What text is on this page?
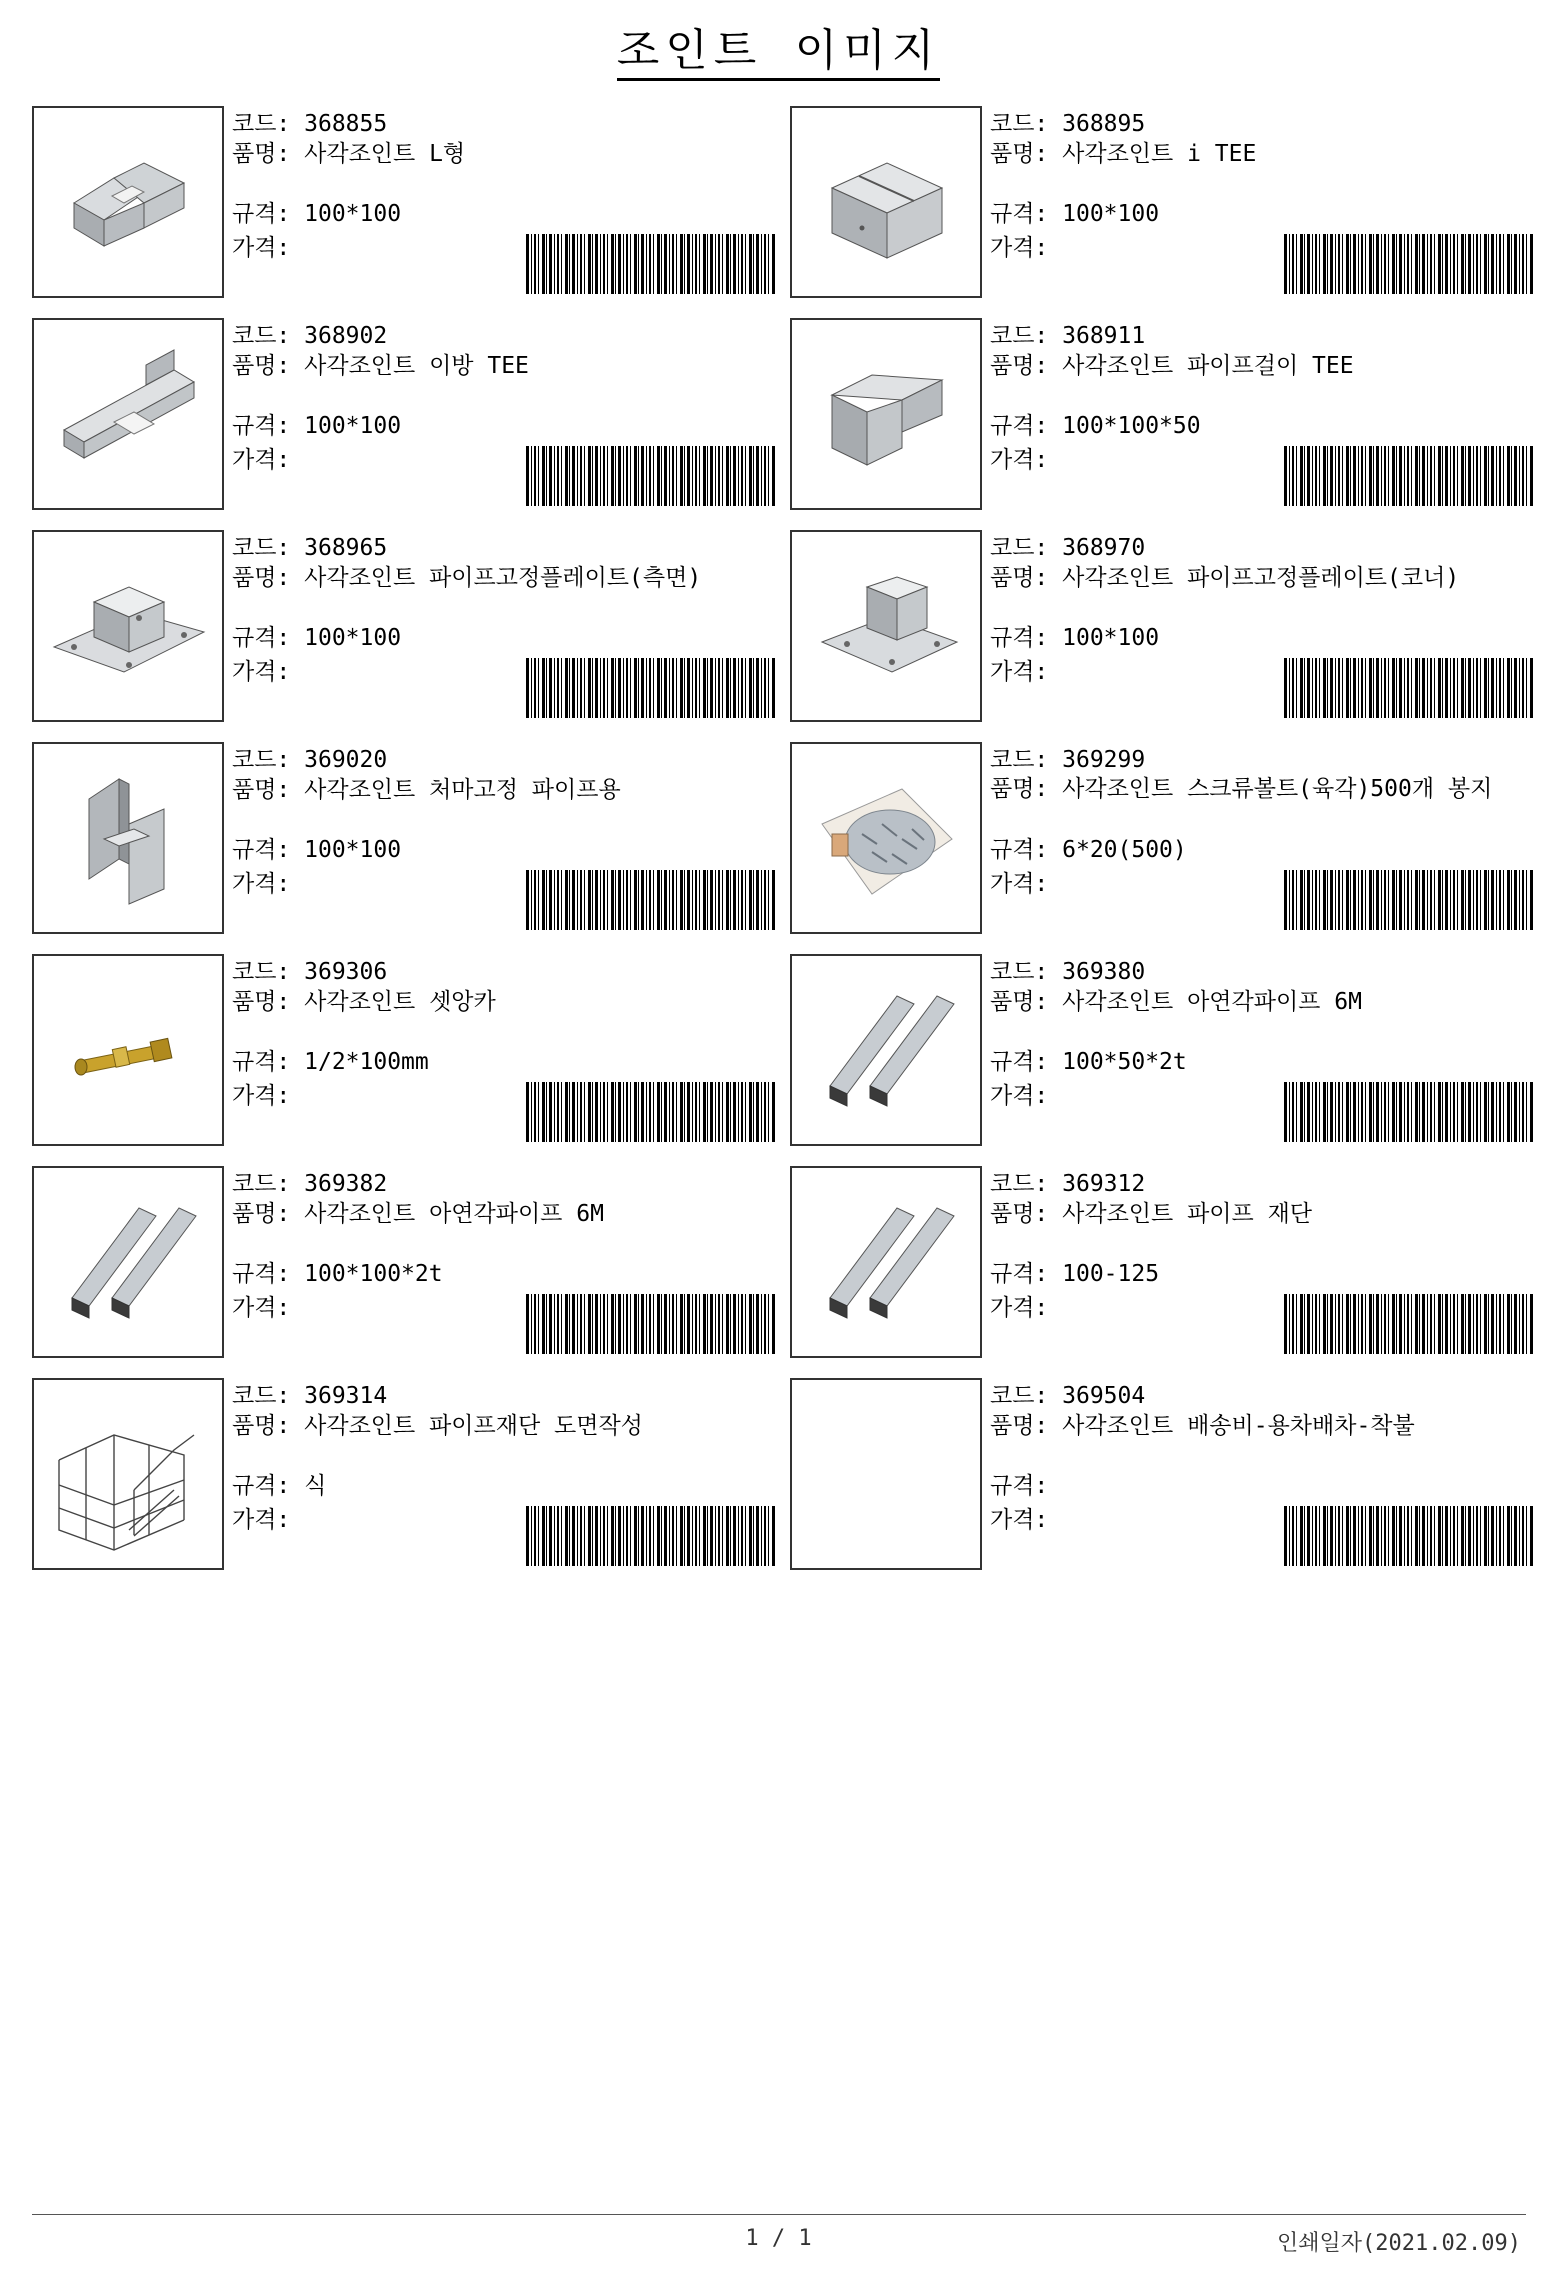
조인트 이미지
코드: 368855
품명: 사각조인트 L형
규격: 100*100
가격:
코드: 368895
품명: 사각조인트 i TEE
규격: 100*100
가격:
코드: 368902
품명: 사각조인트 이방 TEE
규격: 100*100
가격:
코드: 368911
품명: 사각조인트 파이프걸이 TEE
규격: 100*100*50
가격:
코드: 368965
품명: 사각조인트 파이프고정플레이트(측면)
규격: 100*100
가격:
코드: 368970
품명: 사각조인트 파이프고정플레이트(코너)
규격: 100*100
가격:
코드: 369020
품명: 사각조인트 처마고정 파이프용
규격: 100*100
가격:
코드: 369299
품명: 사각조인트 스크류볼트(육각)500개 봉지
규격: 6*20(500)
가격:
코드: 369306
품명: 사각조인트 셋앙카
규격: 1/2*100mm
가격:
코드: 369380
품명: 사각조인트 아연각파이프 6M
규격: 100*50*2t
가격:
코드: 369382
품명: 사각조인트 아연각파이프 6M
규격: 100*100*2t
가격:
코드: 369312
품명: 사각조인트 파이프 재단
규격: 100-125
가격:
코드: 369314
품명: 사각조인트 파이프재단 도면작성
규격: 식
가격:
코드: 369504
품명: 사각조인트 배송비-용차배차-착불
규격:
가격:
1 / 1	인쇄일자(2021.02.09)
